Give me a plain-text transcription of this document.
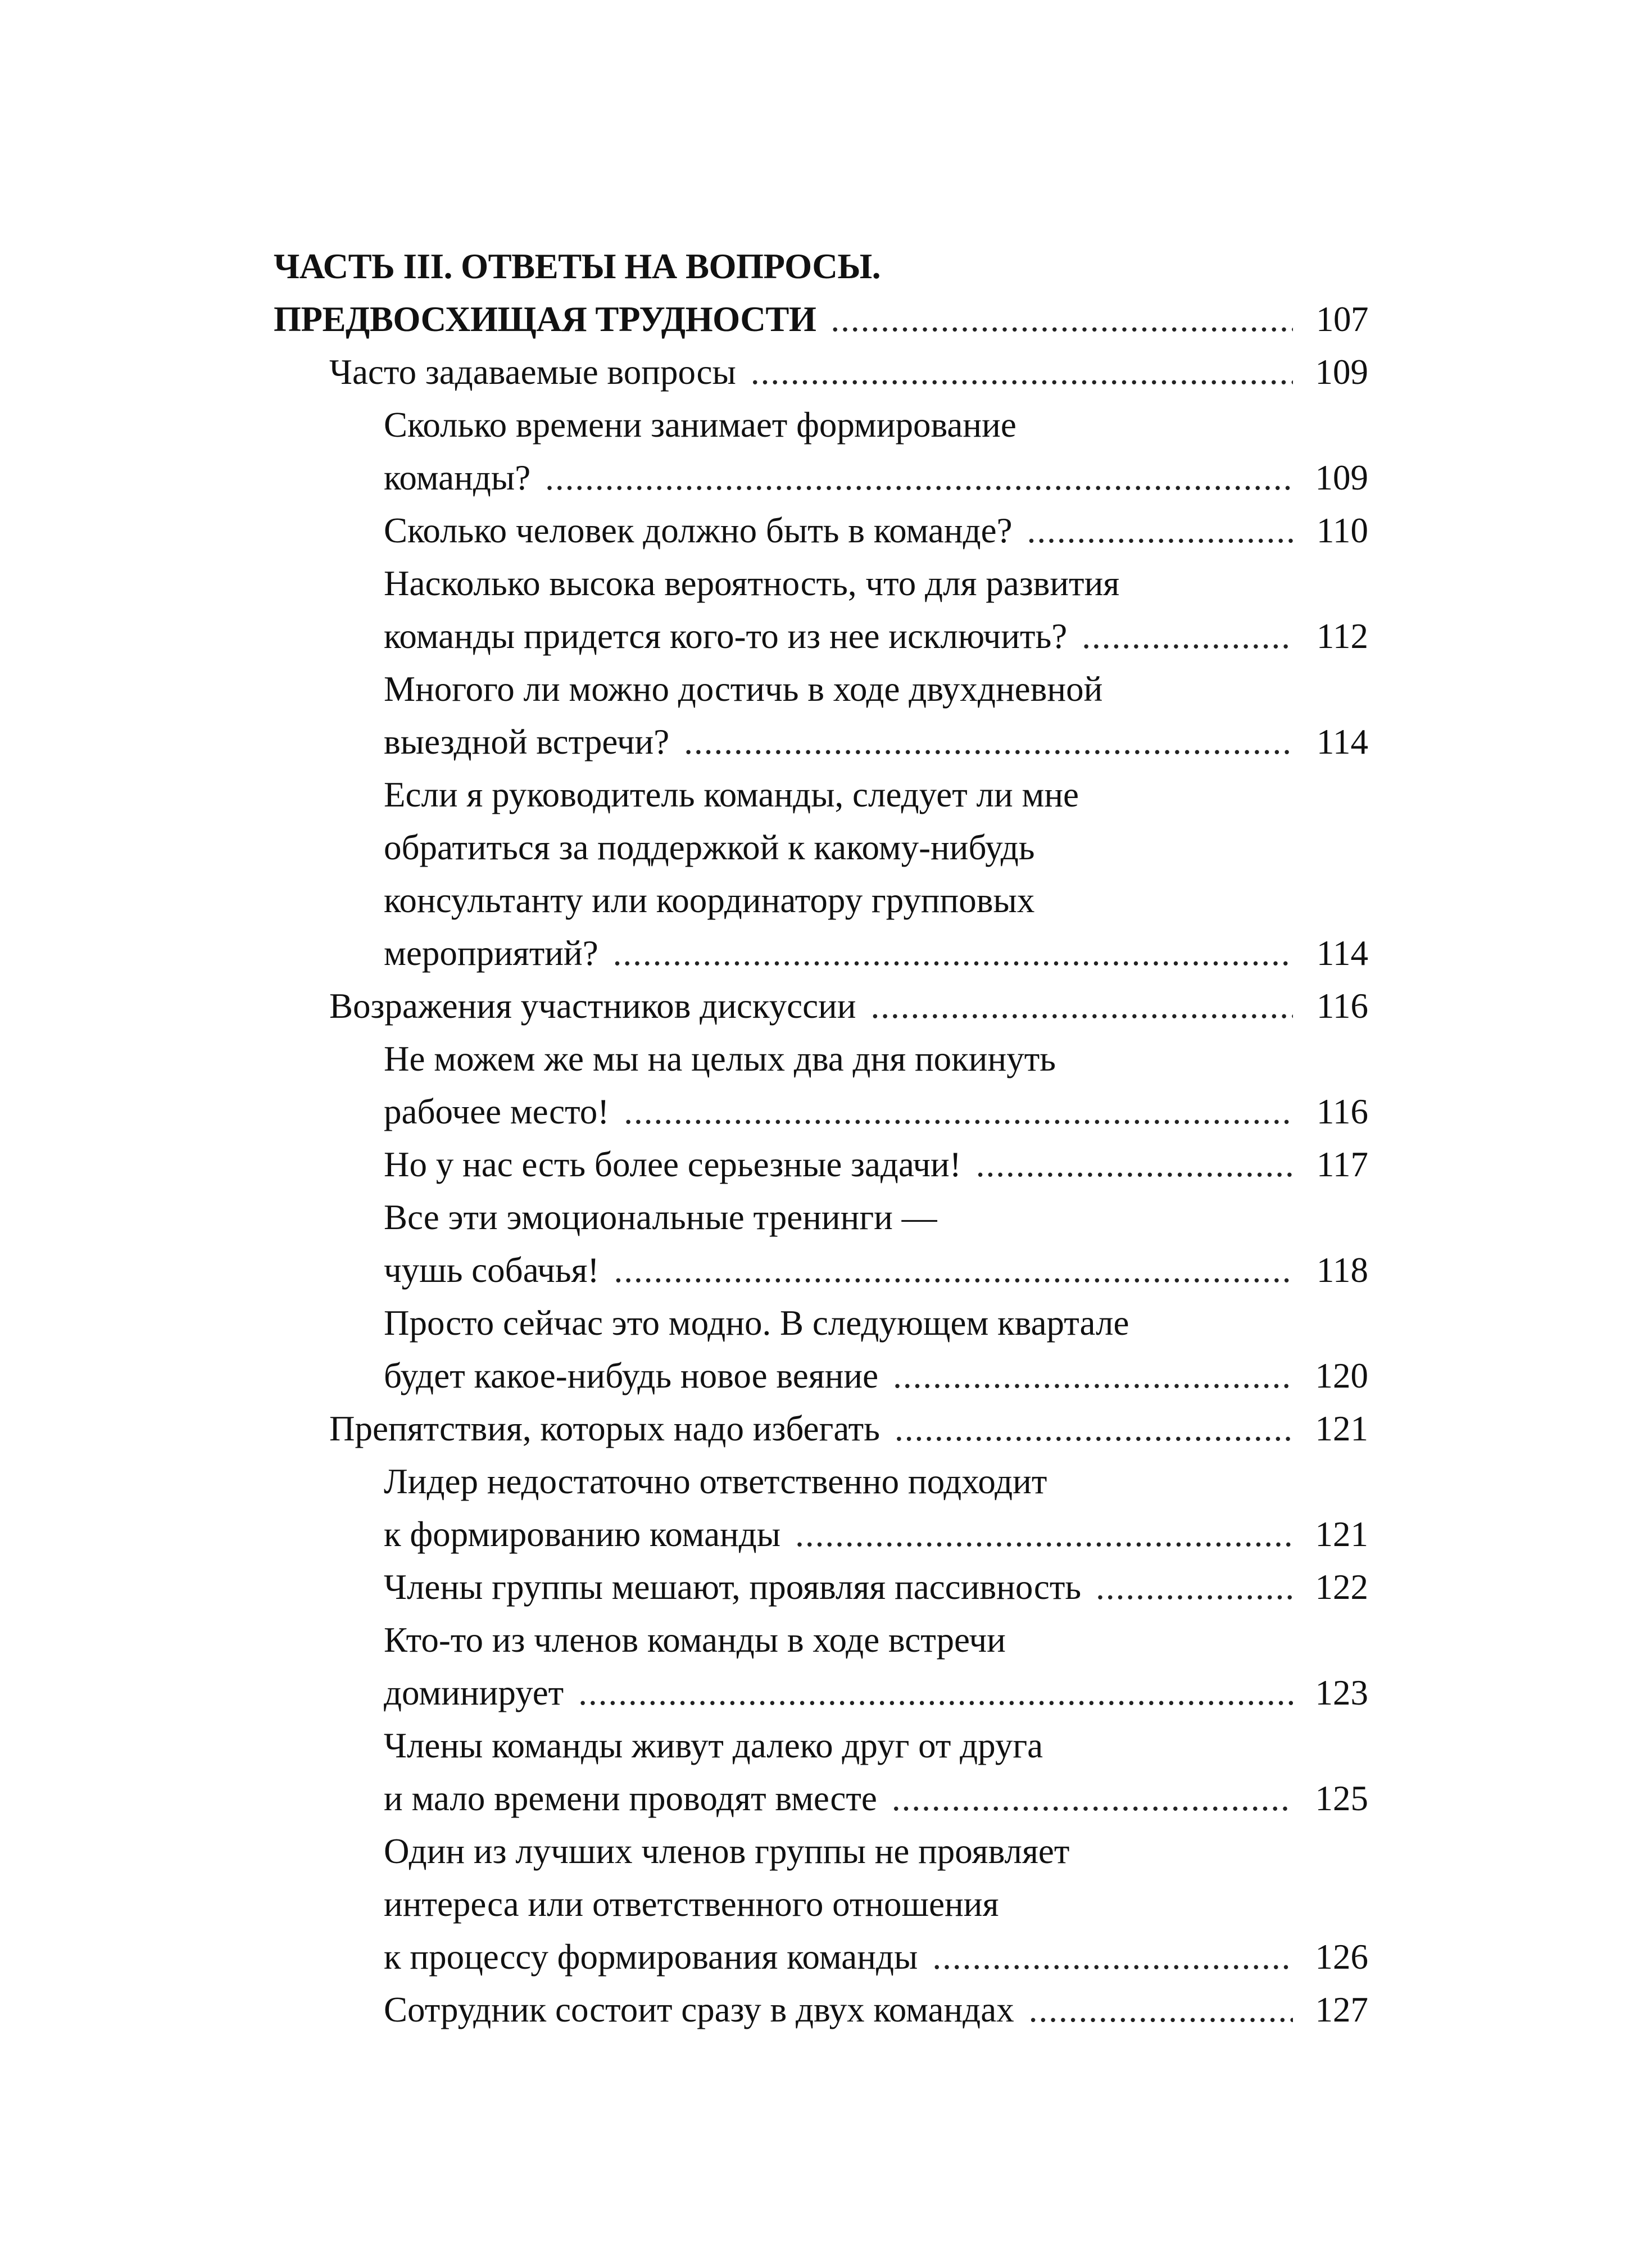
ЧАСТЬ III. ОТВЕТЫ НА ВОПРОСЫ.
ПРЕДВОСХИЩАЯ ТРУДНОСТИ .....	107
Часто задаваемые вопросы .....	109
Сколько времени занимает формирование
команды? .....	109
Сколько человек должно быть в команде? .....	110
Насколько высока вероятность, что для развития
команды придется кого-то из нее исключить? .....	112
Многого ли можно достичь в ходе двухдневной
выездной встречи? .....	114
Если я руководитель команды, следует ли мне
обратиться за поддержкой к какому-нибудь
консультанту или координатору групповых
мероприятий? .....	114
Возражения участников дискуссии .....	116
Не можем же мы на целых два дня покинуть
рабочее место! .....	116
Но у нас есть более серьезные задачи! .....	117
Все эти эмоциональные тренинги —
чушь собачья! .....	118
Просто сейчас это модно. В следующем квартале
будет какое-нибудь новое веяние .....	120
Препятствия, которых надо избегать .....	121
Лидер недостаточно ответственно подходит
к формированию команды .....	121
Члены группы мешают, проявляя пассивность .....	122
Кто-то из членов команды в ходе встречи
доминирует .....	123
Члены команды живут далеко друг от друга
и мало времени проводят вместе .....	125
Один из лучших членов группы не проявляет
интереса или ответственного отношения
к процессу формирования команды .....	126
Сотрудник состоит сразу в двух командах .....	127
